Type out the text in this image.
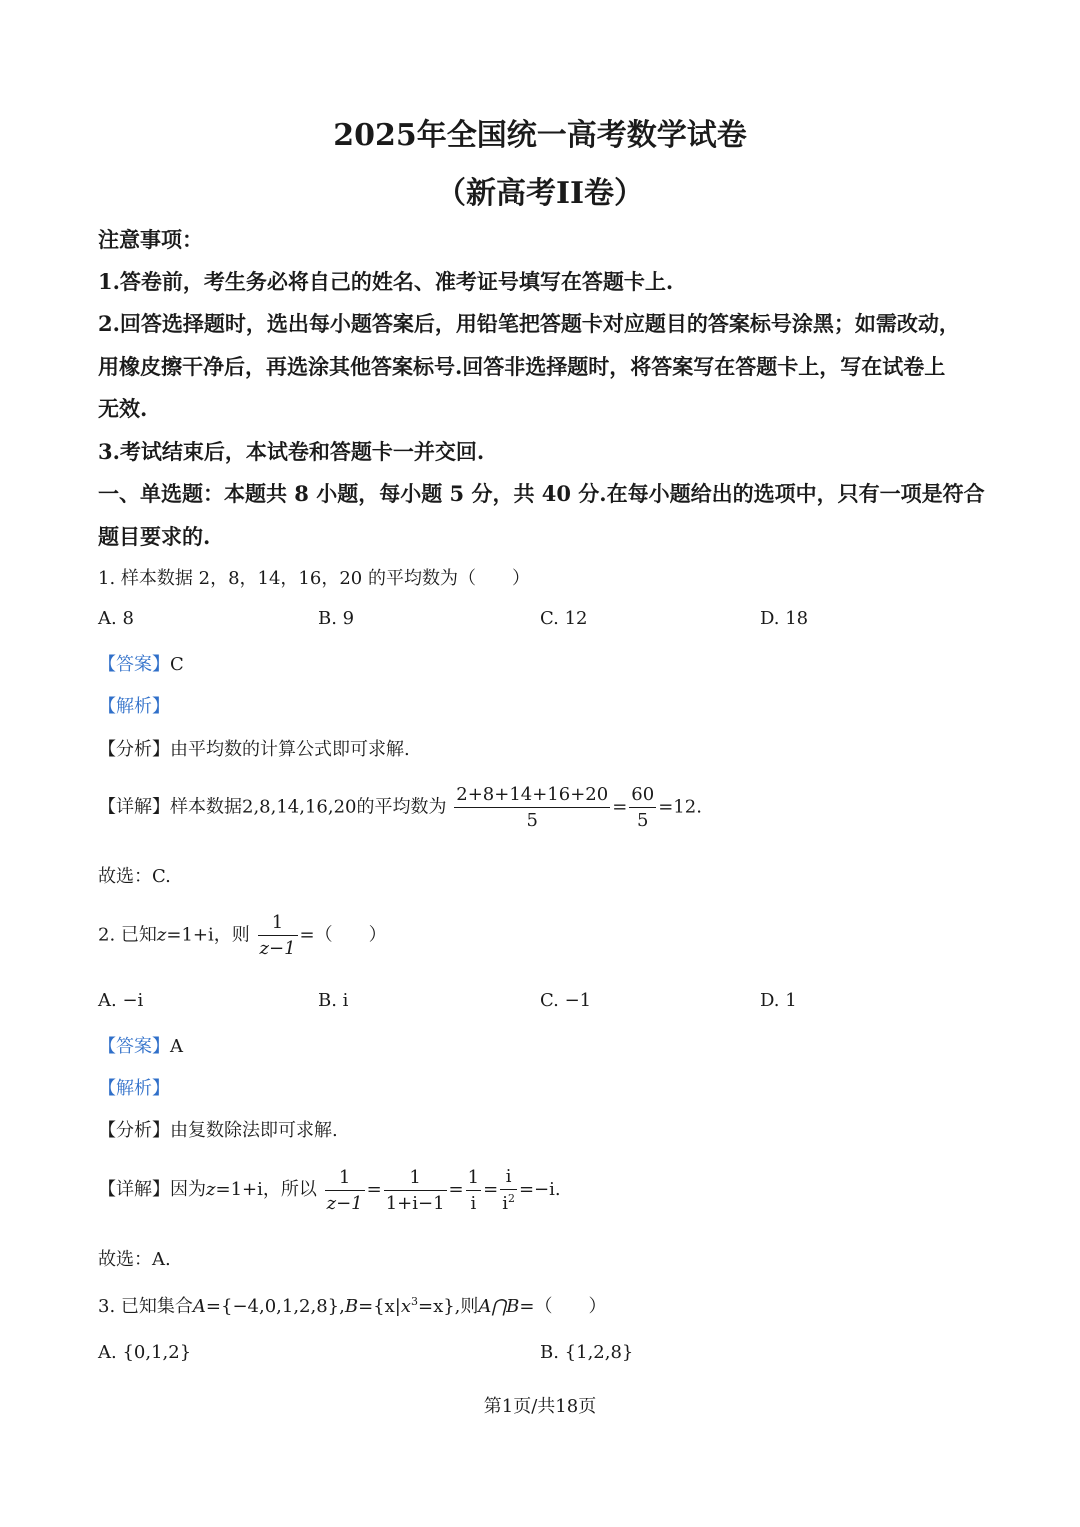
2025年全国统一高考数学试卷
（新高考II卷）
注意事项：
1.答卷前，考生务必将自己的姓名、准考证号填写在答题卡上.
2.回答选择题时，选出每小题答案后，用铅笔把答题卡对应题目的答案标号涂黑；如需改动，
用橡皮擦干净后，再选涂其他答案标号.回答非选择题时，将答案写在答题卡上，写在试卷上
无效.
3.考试结束后，本试卷和答题卡一并交回.
一、单选题：本题共 8 小题，每小题 5 分，共 40 分.在每小题给出的选项中，只有一项是符合
题目要求的.
1. 样本数据 2，8，14，16，20 的平均数为（　　）
A. 8	B. 9	C. 12	D. 18
【答案】C
【解析】
【分析】由平均数的计算公式即可求解.
【详解】样本数据2,8,14,16,20的平均数为 $\frac{2+8+14+16+20}{5} = \frac{60}{5} =12$.
故选：C.
2. 已知z=1+i，则 $\frac{1}{z-1}$ =（　　）
A. −i	B. i	C. −1	D. 1
【答案】A
【解析】
【分析】由复数除法即可求解.
【详解】因为z=1+i，所以 $\frac{1}{z-1} = \frac{1}{1+i-1} = \frac{1}{i} = \frac{i}{i^2} =-i$.
故选：A.
3. 已知集合$A=\{-4,0,1,2,8\},B=\{x|x^3=x\}$,则A⋂B=（　　）
A. {0,1,2}	B. {1,2,8}
第1页/共18页
